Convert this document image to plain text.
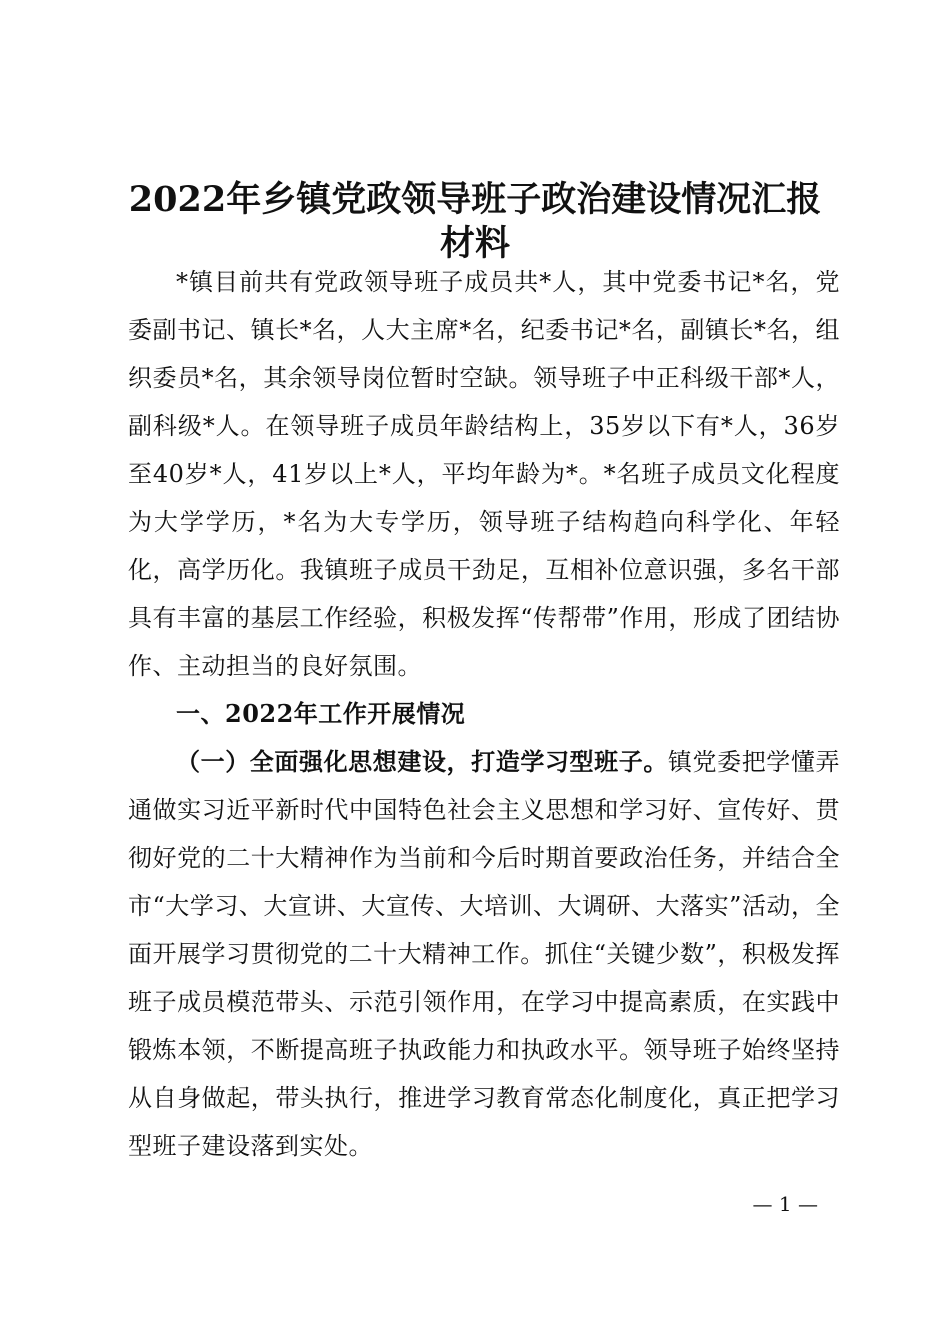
2022年乡镇党政领导班子政治建设情况汇报
材料

*镇目前共有党政领导班子成员共*人，其中党委书记*名，党委副书记、镇长*名，人大主席*名，纪委书记*名，副镇长*名，组织委员*名，其余领导岗位暂时空缺。领导班子中正科级干部*人，副科级*人。在领导班子成员年龄结构上，35岁以下有*人，36岁至40岁*人，41岁以上*人，平均年龄为*。*名班子成员文化程度为大学学历，*名为大专学历，领导班子结构趋向科学化、年轻化，高学历化。我镇班子成员干劲足，互相补位意识强，多名干部具有丰富的基层工作经验，积极发挥“传帮带”作用，形成了团结协作、主动担当的良好氛围。

一、2022年工作开展情况

（一）全面强化思想建设，打造学习型班子。镇党委把学懂弄通做实习近平新时代中国特色社会主义思想和学习好、宣传好、贯彻好党的二十大精神作为当前和今后时期首要政治任务，并结合全市“大学习、大宣讲、大宣传、大培训、大调研、大落实”活动，全面开展学习贯彻党的二十大精神工作。抓住“关键少数”，积极发挥班子成员模范带头、示范引领作用，在学习中提高素质，在实践中锻炼本领，不断提高班子执政能力和执政水平。领导班子始终坚持从自身做起，带头执行，推进学习教育常态化制度化，真正把学习型班子建设落到实处。

— 1 —
